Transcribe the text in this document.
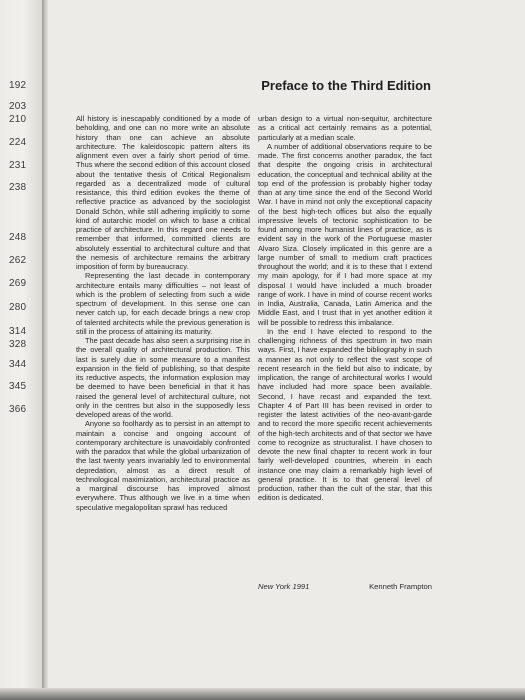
192
203
210
224
231
238
248
262
269
280
314
328
344
345
366
Preface to the Third Edition

All history is inescapably conditioned by a mode of beholding, and one can no more write an absolute history than one can achieve an absolute architecture. The kaleidoscopic pattern alters its alignment even over a fairly short period of time. Thus where the second edition of this account closed about the tentative thesis of Critical Regionalism regarded as a decentralized mode of cultural resistance, this third edition evokes the theme of reflective practice as advanced by the sociologist Donald Schön, while still adhering implicitly to some kind of autarchic model on which to base a critical practice of architecture. In this regard one needs to remember that informed, committed clients are absolutely essential to architectural culture and that the nemesis of architecture remains the arbitrary imposition of form by bureaucracy.

Representing the last decade in contemporary architecture entails many difficulties – not least of which is the problem of selecting from such a wide spectrum of development. In this sense one can never catch up, for each decade brings a new crop of talented architects while the previous generation is still in the process of attaining its maturity.

The past decade has also seen a surprising rise in the overall quality of architectural production. This last is surely due in some measure to a manifest expansion in the field of publishing, so that despite its reductive aspects, the information explosion may be deemed to have been beneficial in that it has raised the general level of architectural culture, not only in the centres but also in the supposedly less developed areas of the world.

Anyone so foolhardy as to persist in an attempt to maintain a concise and ongoing account of contemporary architecture is unavoidably confronted with the paradox that while the global urbanization of the last twenty years invariably led to environmental depredation, almost as a direct result of technological maximization, architectural practice as a marginal discourse has improved almost everywhere. Thus although we live in a time when speculative megalopolitan sprawl has reduced

urban design to a virtual non-sequitur, architecture as a critical act certainly remains as a potential, particularly at a median scale.

A number of additional observations require to be made. The first concerns another paradox, the fact that despite the ongoing crisis in architectural education, the conceptual and technical ability at the top end of the profession is probably higher today than at any time since the end of the Second World War. I have in mind not only the exceptional capacity of the best high-tech offices but also the equally impressive levels of tectonic sophistication to be found among more humanist lines of practice, as is evident say in the work of the Portuguese master Alvaro Siza. Closely implicated in this genre are a large number of small to medium craft practices throughout the world; and it is to these that I extend my main apology, for if I had more space at my disposal I would have included a much broader range of work. I have in mind of course recent works in India, Australia, Canada, Latin America and the Middle East, and I trust that in yet another edition it will be possible to redress this imbalance.

In the end I have elected to respond to the challenging richness of this spectrum in two main ways. First, I have expanded the bibliography in such a manner as not only to reflect the vast scope of recent research in the field but also to indicate, by implication, the range of architectural works I would have included had more space been available. Second, I have recast and expanded the text. Chapter 4 of Part III has been revised in order to register the latest activities of the neo-avant-garde and to record the more specific recent achievements of the high-tech architects and of that sector we have come to recognize as structuralist. I have chosen to devote the new final chapter to recent work in four fairly well-developed countries, wherein in each instance one may claim a remarkably high level of general practice. It is to that general level of production, rather than the cult of the star, that this edition is dedicated.

New York 1991	Kenneth Frampton
